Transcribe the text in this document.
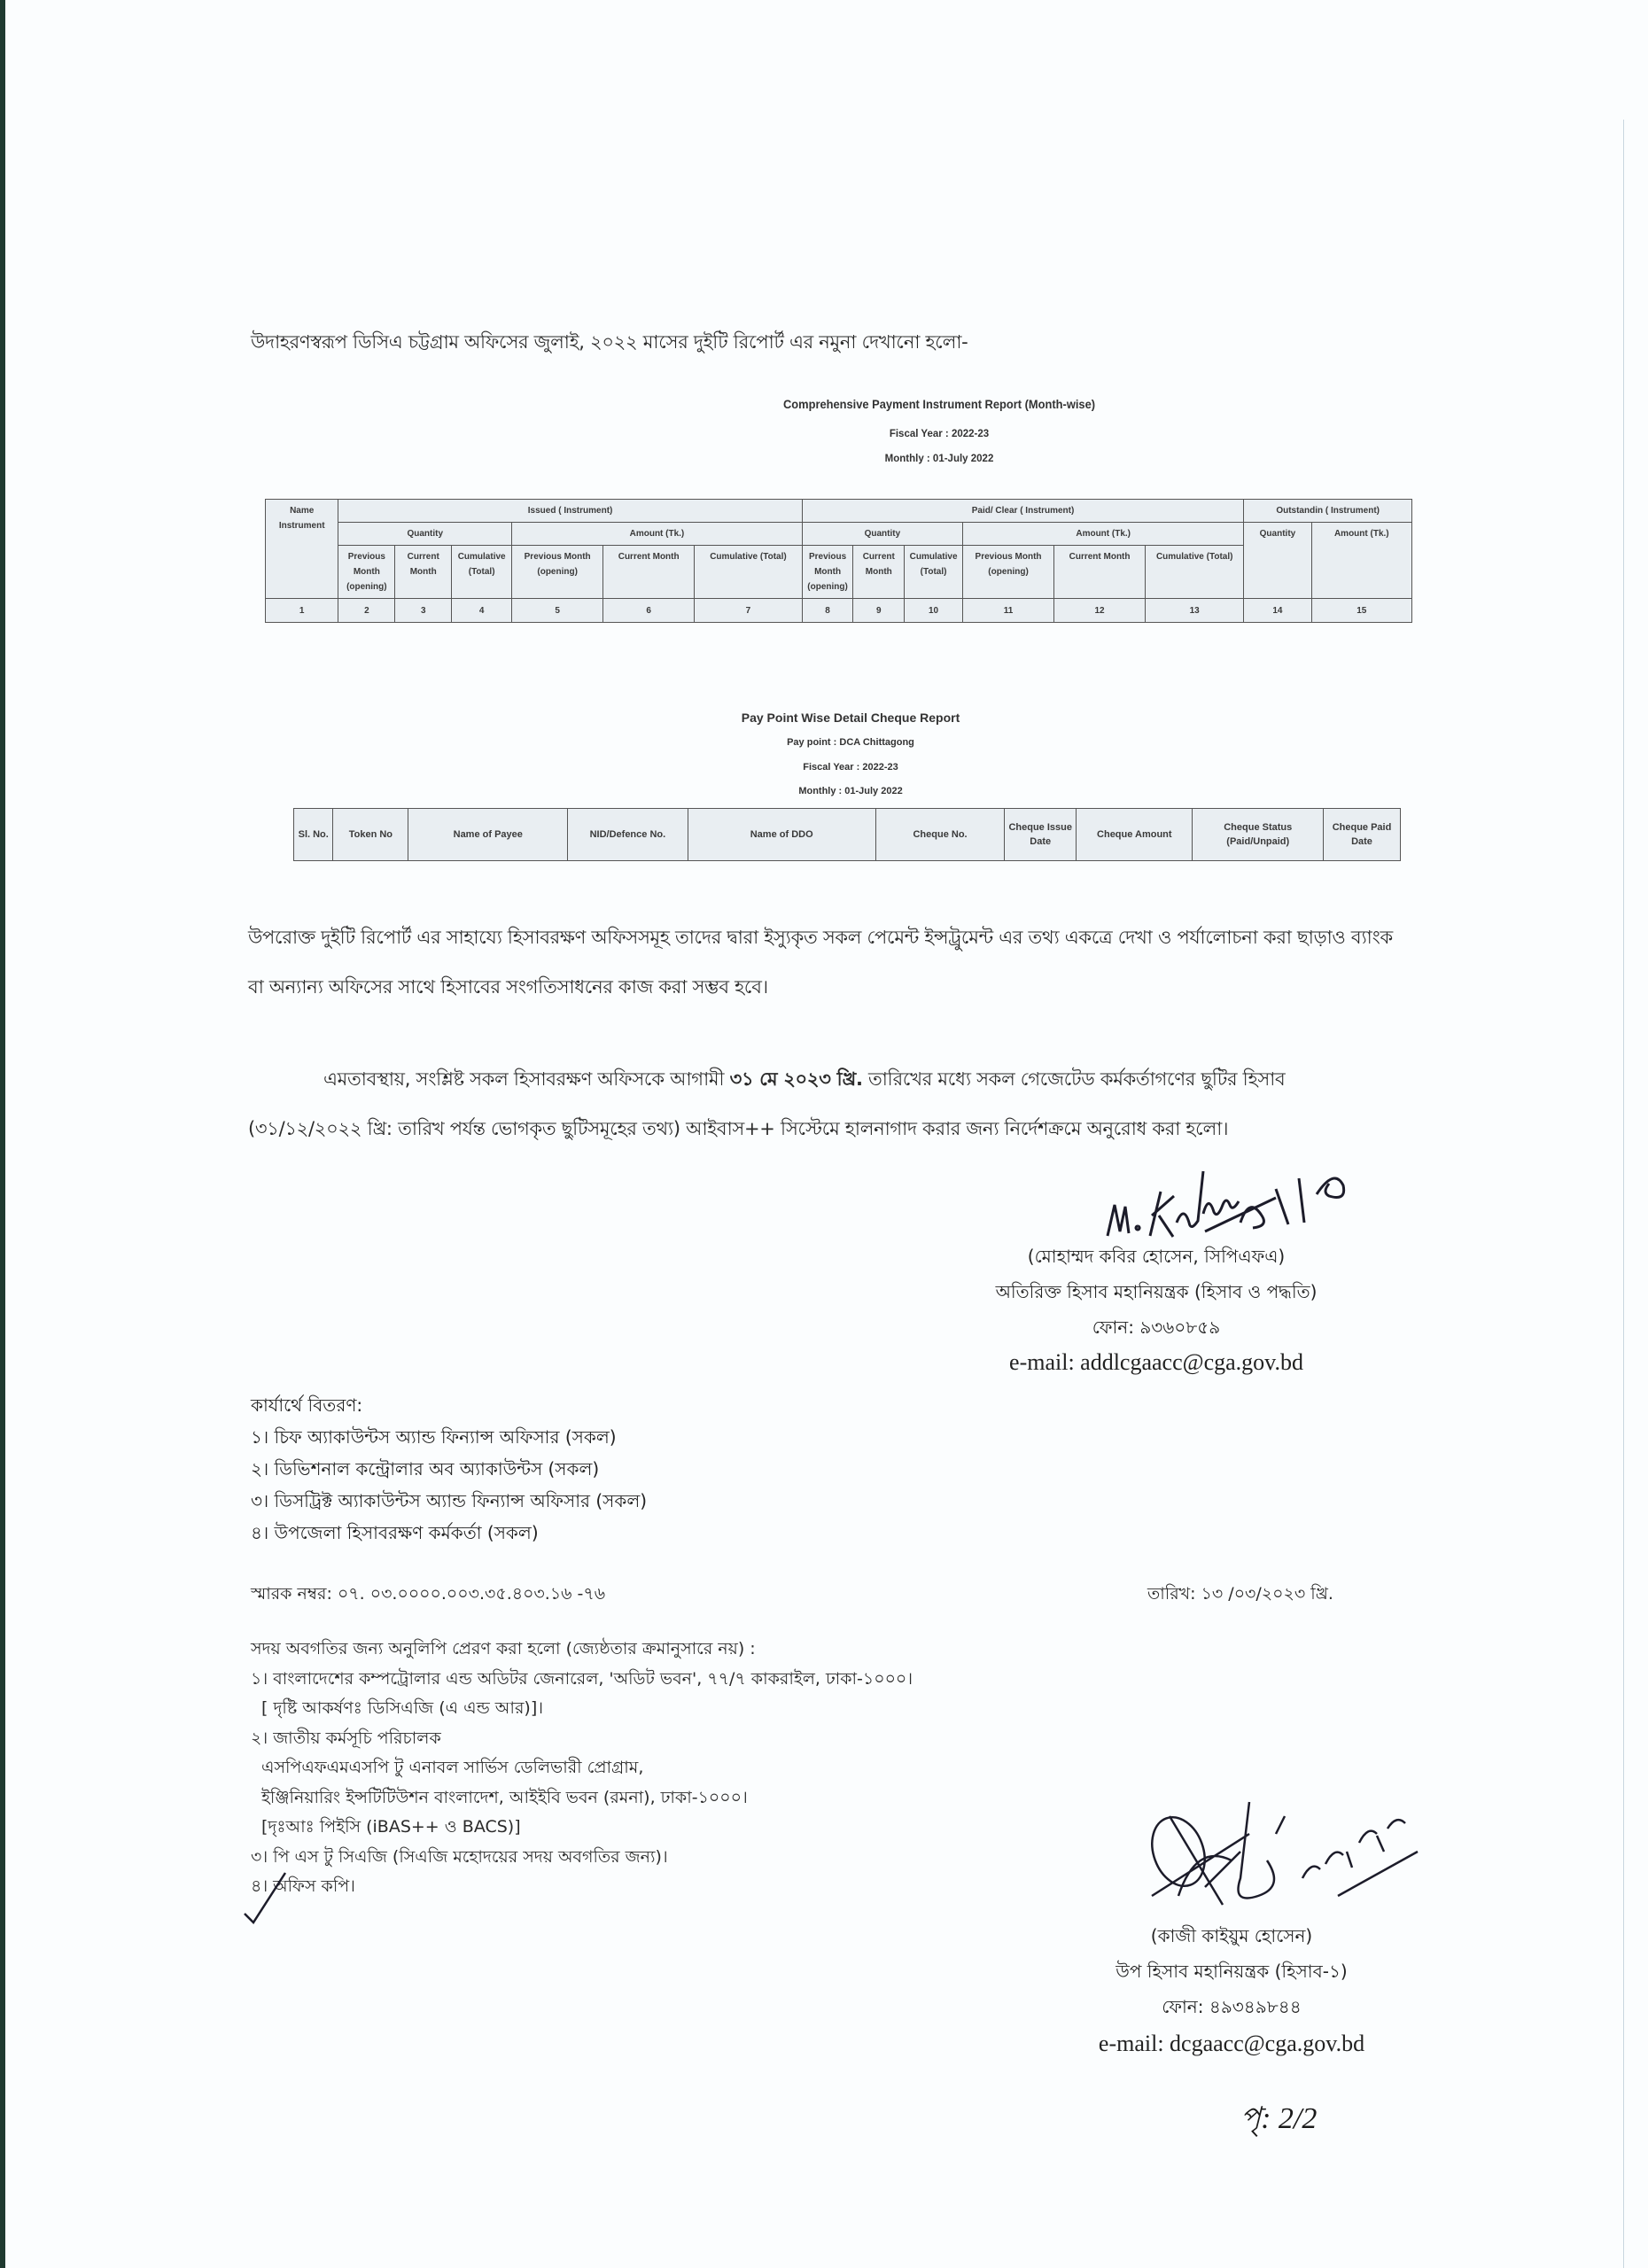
উদাহরণস্বরূপ ডিসিএ চট্টগ্রাম অফিসের জুলাই, ২০২২ মাসের দুইটি রিপোর্ট এর নমুনা দেখানো হলো-
Comprehensive Payment Instrument Report (Month-wise)
Fiscal Year : 2022-23
Monthly : 01-July 2022
Name Instrument	Issued ( Instrument)						Paid/ Clear ( Instrument)						Outstandin ( Instrument)	
	Quantity			Amount (Tk.)			Quantity			Amount (Tk.)			Quantity	Amount (Tk.)
	Previous Month (opening)	Current Month	Cumulative (Total)	Previous Month (opening)	Current Month	Cumulative (Total)	Previous Month (opening)	Current Month	Cumulative (Total)	Previous Month (opening)	Current Month	Cumulative (Total)		
1	2	3	4	5	6	7	8	9	10	11	12	13	14	15
Pay Point Wise Detail Cheque Report
Pay point : DCA Chittagong
Fiscal Year : 2022-23
Monthly : 01-July 2022
Sl. No.	Token No	Name of Payee	NID/Defence No.	Name of DDO	Cheque No.	Cheque Issue Date	Cheque Amount	Cheque Status (Paid/Unpaid)	Cheque Paid Date
উপরোক্ত দুইটি রিপোর্ট এর সাহায্যে হিসাবরক্ষণ অফিসসমূহ তাদের দ্বারা ইস্যুকৃত সকল পেমেন্ট ইন্সট্রুমেন্ট এর তথ্য একত্রে দেখা ও পর্যালোচনা করা ছাড়াও ব্যাংক বা অন্যান্য অফিসের সাথে হিসাবের সংগতিসাধনের কাজ করা সম্ভব হবে।
এমতাবস্থায়, সংশ্লিষ্ট সকল হিসাবরক্ষণ অফিসকে আগামী ৩১ মে ২০২৩ খ্রি. তারিখের মধ্যে সকল গেজেটেড কর্মকর্তাগণের ছুটির হিসাব (৩১/১২/২০২২ খ্রি: তারিখ পর্যন্ত ভোগকৃত ছুটিসমূহের তথ্য) আইবাস++ সিস্টেমে হালনাগাদ করার জন্য নির্দেশক্রমে অনুরোধ করা হলো।
(মোহাম্মদ কবির হোসেন, সিপিএফএ)
অতিরিক্ত হিসাব মহানিয়ন্ত্রক (হিসাব ও পদ্ধতি)
ফোন: ৯৩৬০৮৫৯
e-mail: addlcgaacc@cga.gov.bd
কার্যার্থে বিতরণ:
১। চিফ অ্যাকাউন্টস অ্যান্ড ফিন্যান্স অফিসার (সকল)
২। ডিভিশনাল কন্ট্রোলার অব অ্যাকাউন্টস (সকল)
৩। ডিসট্রিক্ট অ্যাকাউন্টস অ্যান্ড ফিন্যান্স অফিসার (সকল)
৪। উপজেলা হিসাবরক্ষণ কর্মকর্তা (সকল)
স্মারক নম্বর: ০৭. ০৩.০০০০.০০৩.৩৫.৪০৩.১৬ -৭৬	তারিখ: ১৩ /০৩/২০২৩ খ্রি.
সদয় অবগতির জন্য অনুলিপি প্রেরণ করা হলো (জ্যেষ্ঠতার ক্রমানুসারে নয়) :
১। বাংলাদেশের কম্পট্রোলার এন্ড অডিটর জেনারেল, 'অডিট ভবন', ৭৭/৭ কাকরাইল, ঢাকা-১০০০।
[ দৃষ্টি আকর্ষণঃ ডিসিএজি (এ এন্ড আর)]।
২। জাতীয় কর্মসূচি পরিচালক
এসপিএফএমএসপি টু এনাবল সার্ভিস ডেলিভারী প্রোগ্রাম,
ইঞ্জিনিয়ারিং ইন্সটিটিউশন বাংলাদেশ, আইইবি ভবন (রমনা), ঢাকা-১০০০।
[দৃঃআঃ পিইসি (iBAS++ ও BACS)]
৩। পি এস টু সিএজি (সিএজি মহোদয়ের সদয় অবগতির জন্য)।
৪। অফিস কপি।
(কাজী কাইয়ুম হোসেন)
উপ হিসাব মহানিয়ন্ত্রক (হিসাব-১)
ফোন: ৪৯৩৪৯৮৪৪
e-mail: dcgaacc@cga.gov.bd
পৃ: 2/2
